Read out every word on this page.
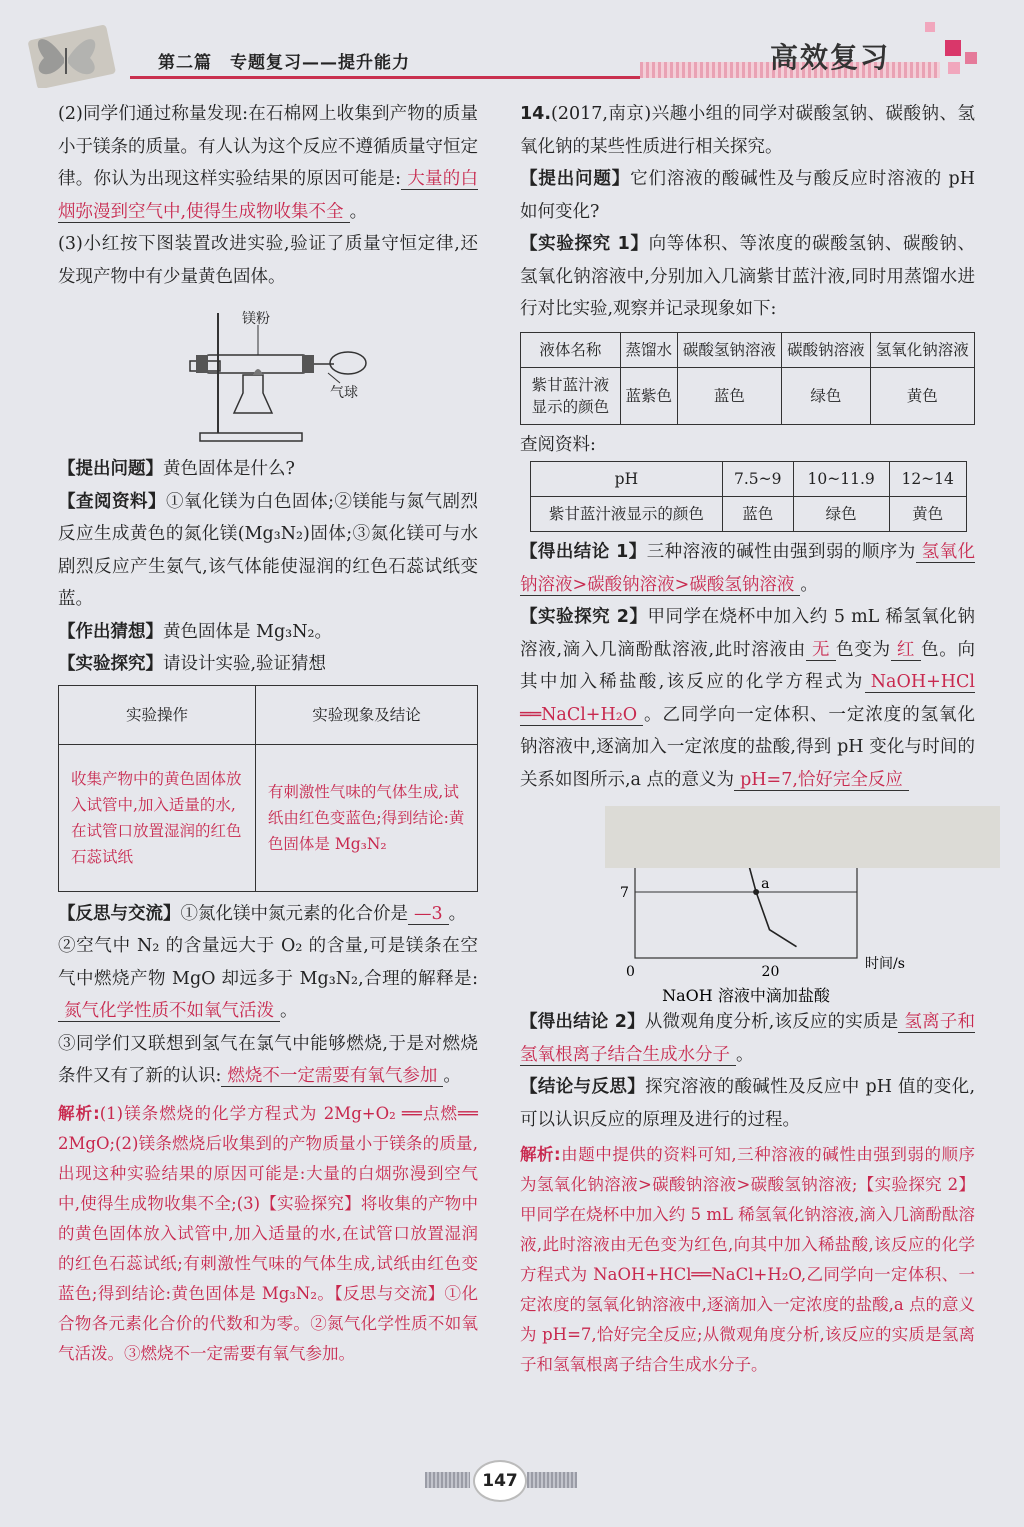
第二篇 专题复习——提升能力	高效复习

(2)同学们通过称量发现:在石棉网上收集到产物的质量小于镁条的质量。有人认为这个反应不遵循质量守恒定律。你认为出现这样实验结果的原因可能是: 大量的白烟弥漫到空气中,使得生成物收集不全 。

(3)小红按下图装置改进实验,验证了质量守恒定律,还发现产物中有少量黄色固体。

镁粉
气球

【提出问题】黄色固体是什么?

【查阅资料】①氧化镁为白色固体;②镁能与氮气剧烈反应生成黄色的氮化镁(Mg₃N₂)固体;③氮化镁可与水剧烈反应产生氨气,该气体能使湿润的红色石蕊试纸变蓝。

【作出猜想】黄色固体是 Mg₃N₂。

【实验探究】请设计实验,验证猜想

实验操作	实验现象及结论
收集产物中的黄色固体放入试管中,加入适量的水,在试管口放置湿润的红色石蕊试纸	有刺激性气味的气体生成,试纸由红色变蓝色;得到结论:黄色固体是 Mg₃N₂

【反思与交流】①氮化镁中氮元素的化合价是 —3 。

②空气中 N₂ 的含量远大于 O₂ 的含量,可是镁条在空气中燃烧产物 MgO 却远多于 Mg₃N₂,合理的解释是:氮气化学性质不如氧气活泼 。

③同学们又联想到氢气在氯气中能够燃烧,于是对燃烧条件又有了新的认识: 燃烧不一定需要有氧气参加 。

解析:(1)镁条燃烧的化学方程式为 2Mg+O₂ ══点燃══ 2MgO;(2)镁条燃烧后收集到的产物质量小于镁条的质量,出现这种实验结果的原因可能是:大量的白烟弥漫到空气中,使得生成物收集不全;(3)【实验探究】将收集的产物中的黄色固体放入试管中,加入适量的水,在试管口放置湿润的红色石蕊试纸;有刺激性气味的气体生成,试纸由红色变蓝色;得到结论:黄色固体是 Mg₃N₂。【反思与交流】①化合物各元素化合价的代数和为零。②氮气化学性质不如氧气活泼。③燃烧不一定需要有氧气参加。

14.(2017,南京)兴趣小组的同学对碳酸氢钠、碳酸钠、氢氧化钠的某些性质进行相关探究。

【提出问题】它们溶液的酸碱性及与酸反应时溶液的 pH 如何变化?

【实验探究 1】向等体积、等浓度的碳酸氢钠、碳酸钠、氢氧化钠溶液中,分别加入几滴紫甘蓝汁液,同时用蒸馏水进行对比实验,观察并记录现象如下:

液体名称	蒸馏水	碳酸氢钠溶液	碳酸钠溶液	氢氧化钠溶液
紫甘蓝汁液显示的颜色	蓝紫色	蓝色	绿色	黄色

查阅资料:

pH	7.5~9	10~11.9	12~14
紫甘蓝汁液显示的颜色	蓝色	绿色	黄色

【得出结论 1】三种溶液的碱性由强到弱的顺序为 氢氧化钠溶液>碳酸钠溶液>碳酸氢钠溶液 。

【实验探究 2】甲同学在烧杯中加入约 5 mL 稀氢氧化钠溶液,滴入几滴酚酞溶液,此时溶液由 无 色变为 红 色。向其中加入稀盐酸,该反应的化学方程式为 NaOH+HCl ══NaCl+H₂O 。乙同学向一定体积、一定浓度的氢氧化钠溶液中,逐滴加入一定浓度的盐酸,得到 pH 变化与时间的关系如图所示,a 点的意义为 pH=7,恰好完全反应

7
0	20	时间/s
a
NaOH 溶液中滴加盐酸

【得出结论 2】从微观角度分析,该反应的实质是 氢离子和氢氧根离子结合生成水分子 。

【结论与反思】探究溶液的酸碱性及反应中 pH 值的变化,可以认识反应的原理及进行的过程。

解析:由题中提供的资料可知,三种溶液的碱性由强到弱的顺序为氢氧化钠溶液>碳酸钠溶液>碳酸氢钠溶液;【实验探究 2】甲同学在烧杯中加入约 5 mL 稀氢氧化钠溶液,滴入几滴酚酞溶液,此时溶液由无色变为红色,向其中加入稀盐酸,该反应的化学方程式为 NaOH+HCl══NaCl+H₂O,乙同学向一定体积、一定浓度的氢氧化钠溶液中,逐滴加入一定浓度的盐酸,a 点的意义为 pH=7,恰好完全反应;从微观角度分析,该反应的实质是氢离子和氢氧根离子结合生成水分子。

147
